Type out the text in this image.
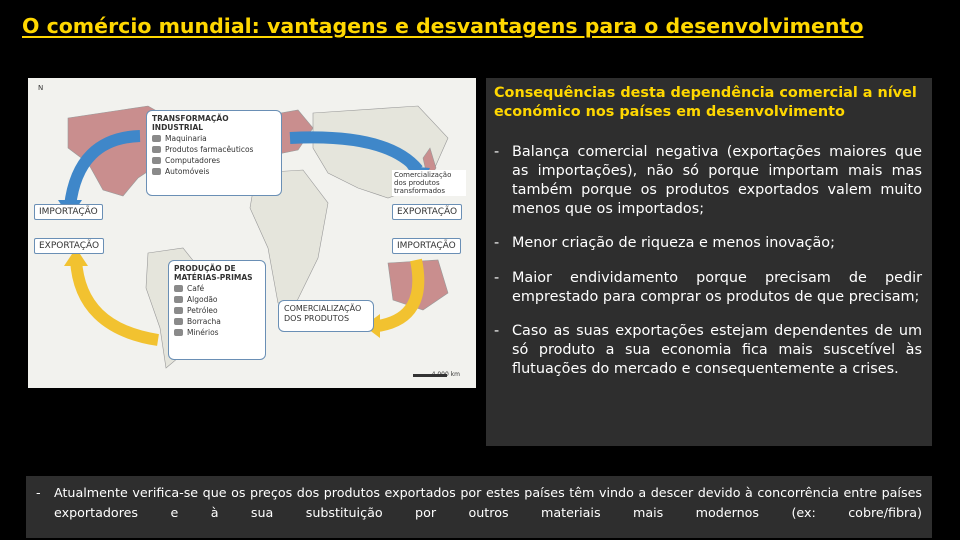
O comércio mundial: vantagens e desvantagens para o desenvolvimento
N
TRANSFORMAÇÃO INDUSTRIAL
Maquinaria
Produtos farmacêuticos
Computadores
Automóveis
PRODUÇÃO DE MATÉRIAS-PRIMAS
Café
Algodão
Petróleo
Borracha
Minérios
COMERCIALIZAÇÃO DOS PRODUTOS
Comercialização dos produtos transformados
IMPORTAÇÃO
EXPORTAÇÃO
EXPORTAÇÃO
IMPORTAÇÃO
4 000 km
Consequências desta dependência comercial a nível económico nos países em desenvolvimento
- Balança comercial negativa (exportações maiores que as importações), não só porque importam mais mas também porque os produtos exportados valem muito menos que os importados;
- Menor criação de riqueza e menos inovação;
- Maior endividamento porque precisam de pedir emprestado para comprar os produtos de que precisam;
- Caso as suas exportações estejam dependentes de um só produto a sua economia fica mais suscetível às flutuações do mercado e consequentemente a crises.
-	Atualmente verifica-se que os preços dos produtos exportados por estes países têm vindo a descer devido à concorrência entre países exportadores e à sua substituição por outros materiais mais modernos (ex: cobre/fibra)
